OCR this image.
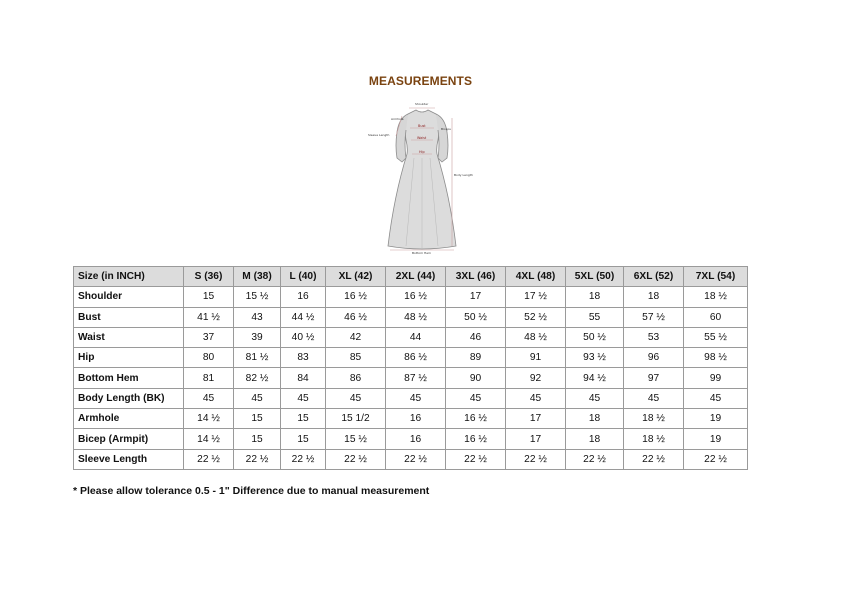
MEASUREMENTS
Shoulder
Sleeve Length
Armhole
Bust
Waist
Hip
Biceps
Body Length
Bottom Hem
Size (in INCH)	S (36)	M (38)	L (40)	XL (42)	2XL (44)	3XL (46)	4XL (48)	5XL (50)	6XL (52)	7XL (54)
Shoulder	15	15 ½	16	16 ½	16 ½	17	17 ½	18	18	18 ½
Bust	41 ½	43	44 ½	46 ½	48 ½	50 ½	52 ½	55	57 ½	60
Waist	37	39	40 ½	42	44	46	48 ½	50 ½	53	55 ½
Hip	80	81 ½	83	85	86 ½	89	91	93 ½	96	98 ½
Bottom Hem	81	82 ½	84	86	87 ½	90	92	94 ½	97	99
Body Length (BK)	45	45	45	45	45	45	45	45	45	45
Armhole	14 ½	15	15	15 1/2	16	16 ½	17	18	18 ½	19
Bicep (Armpit)	14 ½	15	15	15 ½	16	16 ½	17	18	18 ½	19
Sleeve Length	22 ½	22 ½	22 ½	22 ½	22 ½	22 ½	22 ½	22 ½	22 ½	22 ½
* Please allow tolerance 0.5 - 1" Difference due to manual measurement
